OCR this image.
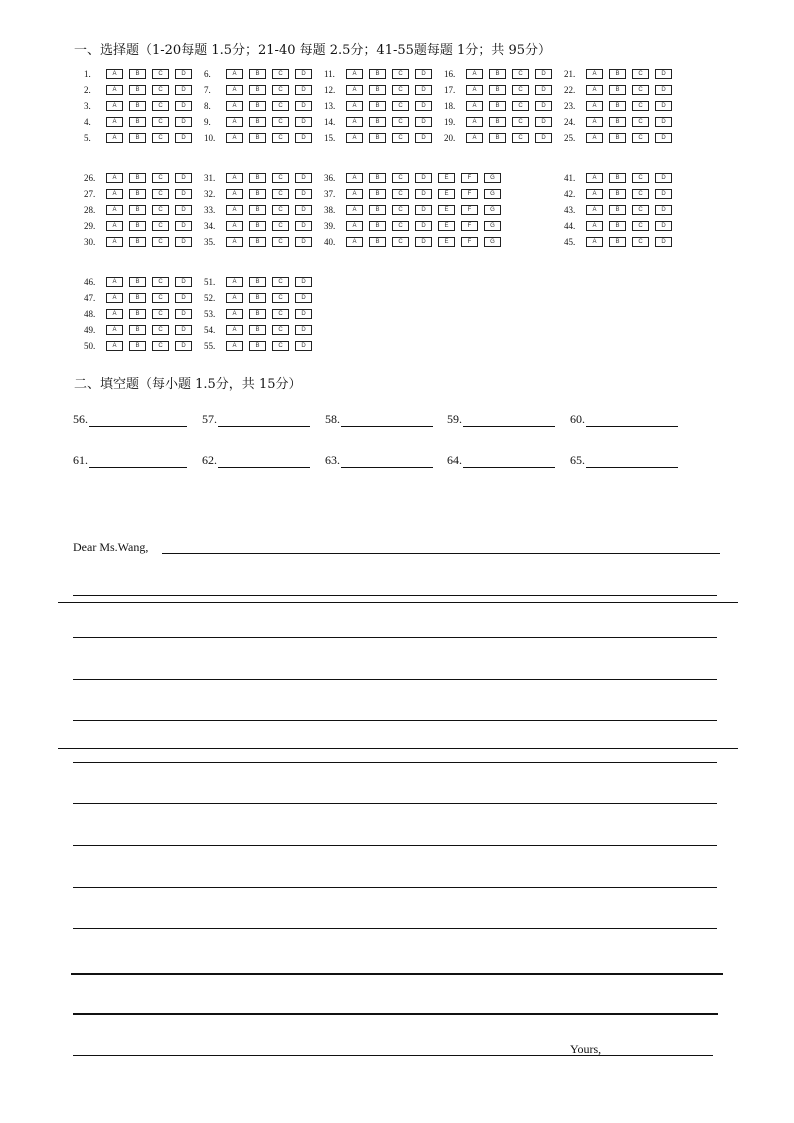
一、选择题（1-20每题 1.5分；21-40 每题 2.5分；41-55题每题 1分；共 95分）
1.	A	B	C	D
2.	A	B	C	D
3.	A	B	C	D
4.	A	B	C	D
5.	A	B	C	D
6.	A	B	C	D
7.	A	B	C	D
8.	A	B	C	D
9.	A	B	C	D
10.	A	B	C	D
11.	A	B	C	D
12.	A	B	C	D
13.	A	B	C	D
14.	A	B	C	D
15.	A	B	C	D
16.	A	B	C	D
17.	A	B	C	D
18.	A	B	C	D
19.	A	B	C	D
20.	A	B	C	D
21.	A	B	C	D
22.	A	B	C	D
23.	A	B	C	D
24.	A	B	C	D
25.	A	B	C	D
26.	A	B	C	D
27.	A	B	C	D
28.	A	B	C	D
29.	A	B	C	D
30.	A	B	C	D
31.	A	B	C	D
32.	A	B	C	D
33.	A	B	C	D
34.	A	B	C	D
35.	A	B	C	D
36.	A	B	C	D	E	F	G
37.	A	B	C	D	E	F	G
38.	A	B	C	D	E	F	G
39.	A	B	C	D	E	F	G
40.	A	B	C	D	E	F	G
41.	A	B	C	D
42.	A	B	C	D
43.	A	B	C	D
44.	A	B	C	D
45.	A	B	C	D
46.	A	B	C	D
47.	A	B	C	D
48.	A	B	C	D
49.	A	B	C	D
50.	A	B	C	D
51.	A	B	C	D
52.	A	B	C	D
53.	A	B	C	D
54.	A	B	C	D
55.	A	B	C	D
二、填空题（每小题 1.5分，共 15分）
56.	57.	58.	59.	60.
61.	62.	63.	64.	65.
Dear Ms.Wang,
Yours,
